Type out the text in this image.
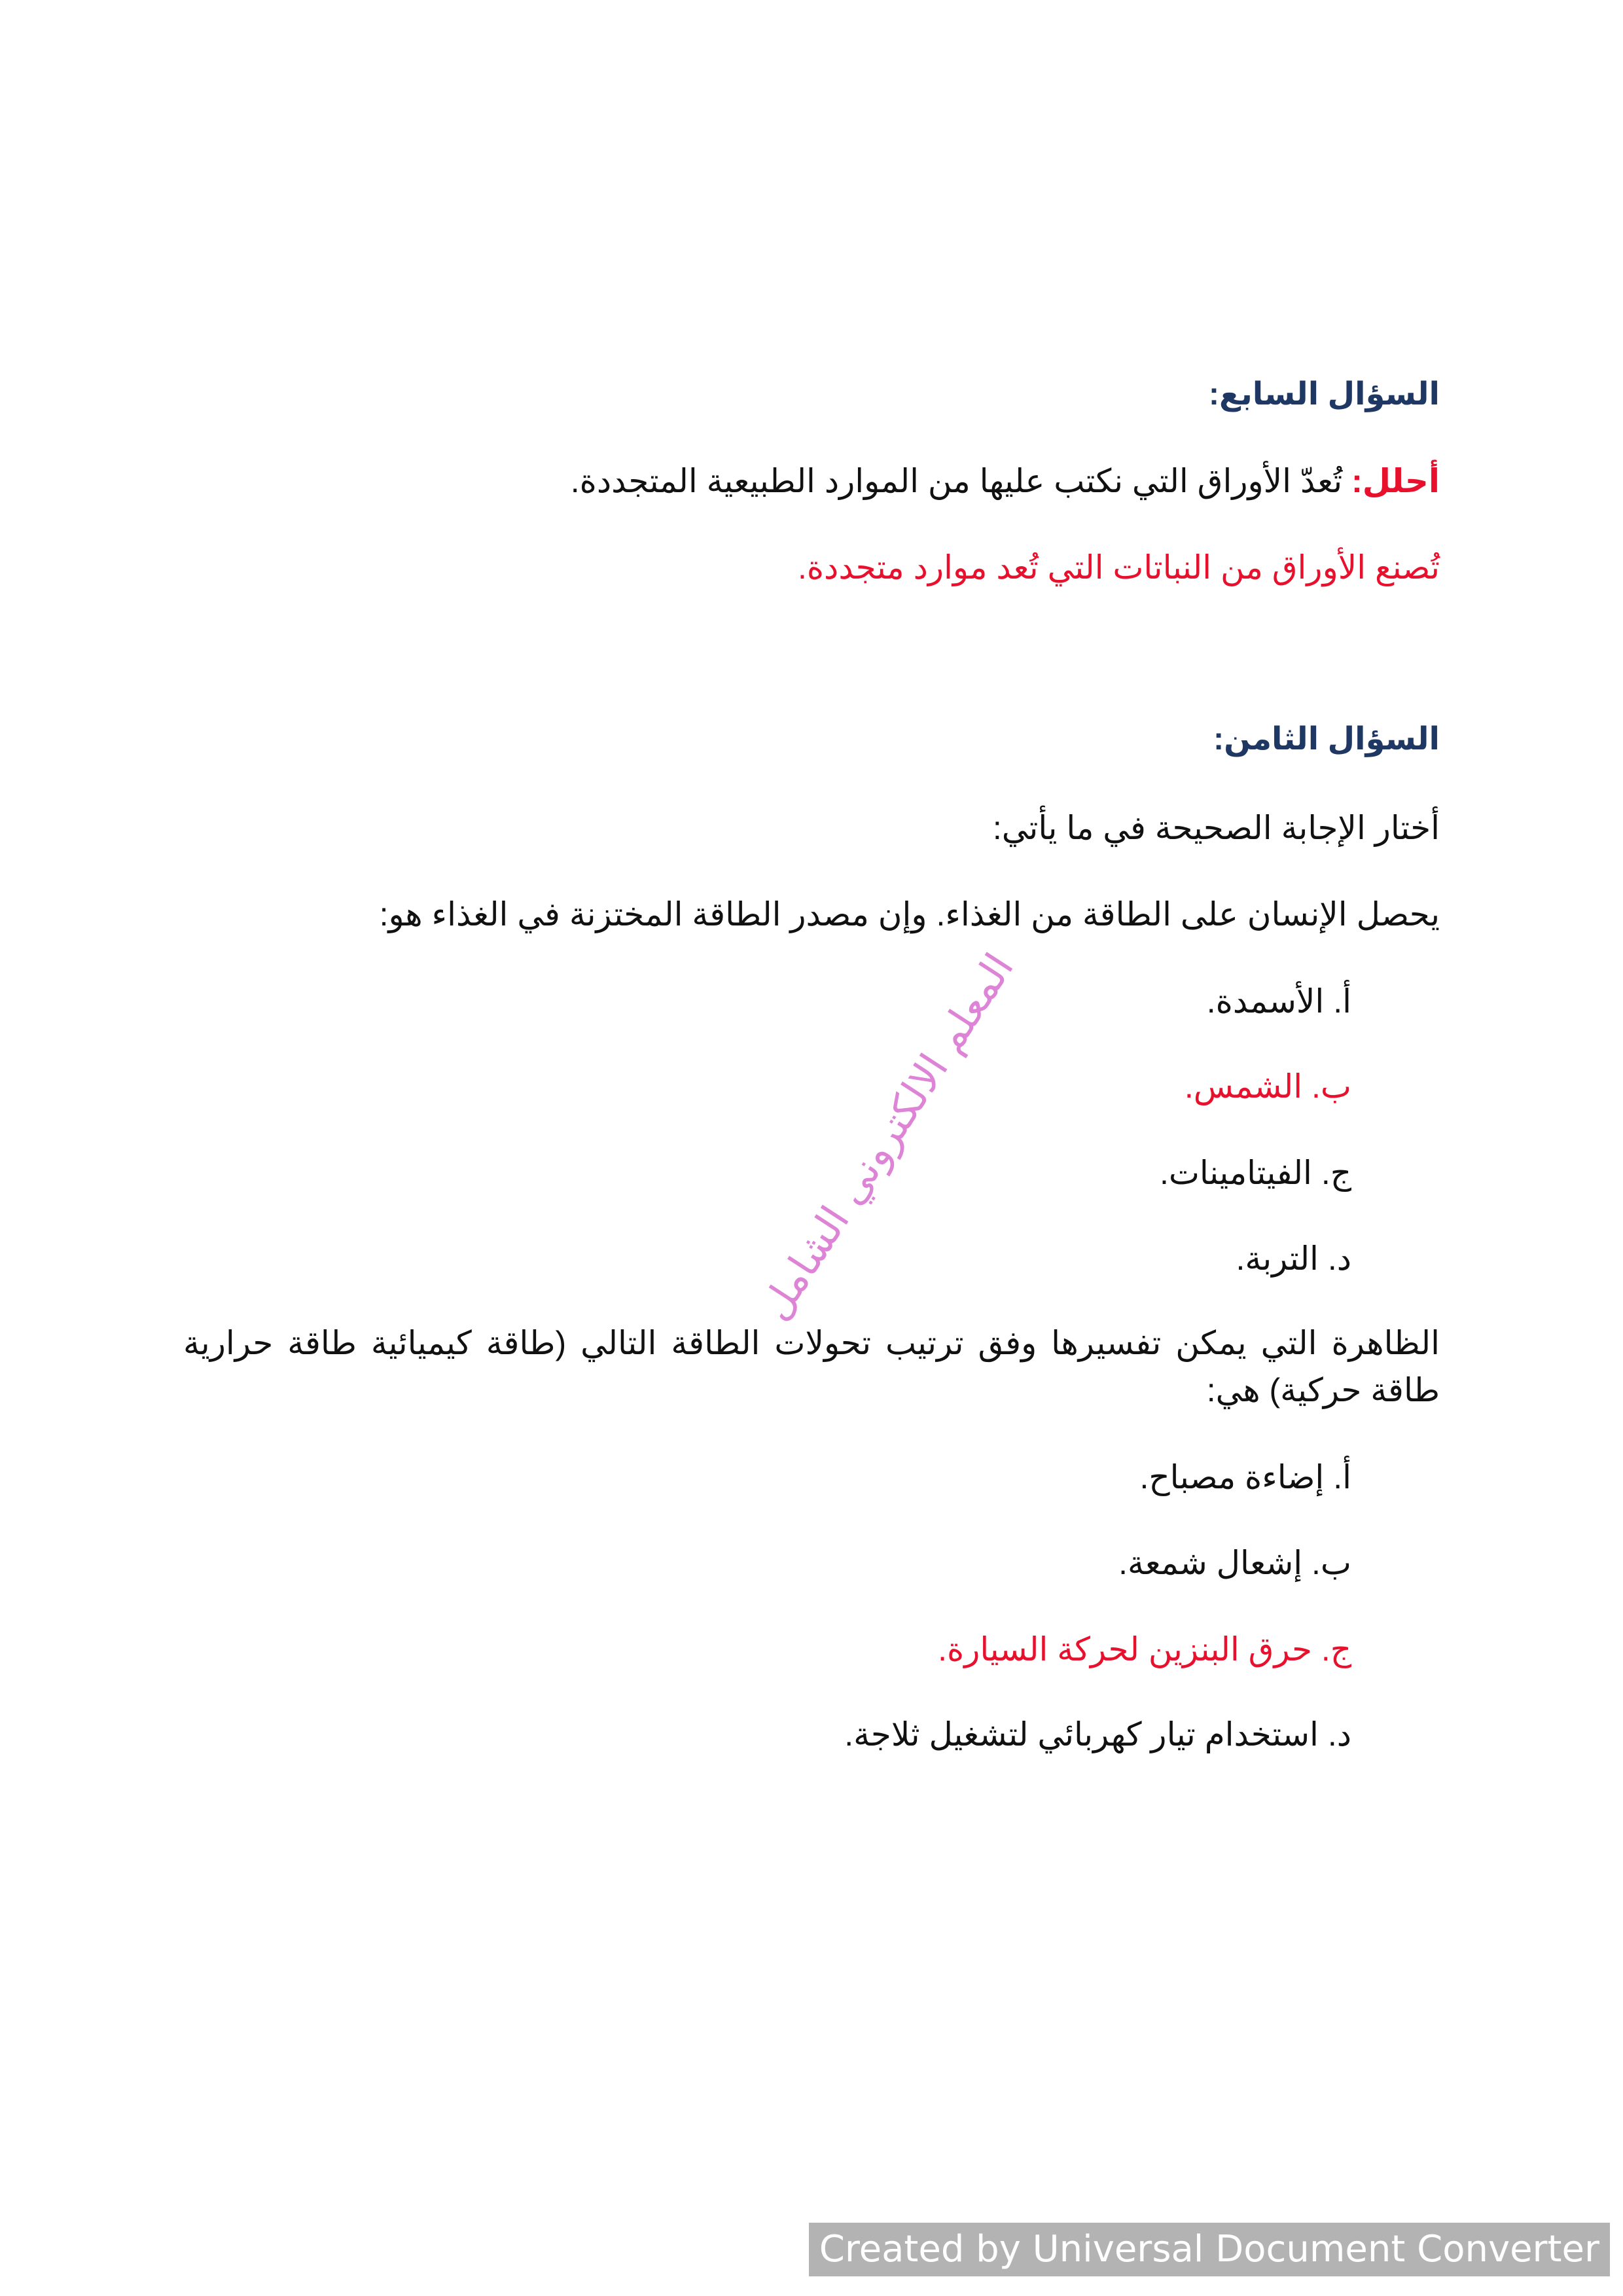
السؤال السابع:
أحلل: تُعدّ الأوراق التي نكتب عليها من الموارد الطبيعية المتجددة.
تُصنع الأوراق من النباتات التي تُعد موارد متجددة.
السؤال الثامن:
أختار الإجابة الصحيحة في ما يأتي:
يحصل الإنسان على الطاقة من الغذاء. وإن مصدر الطاقة المختزنة في الغذاء هو:
أ. الأسمدة.
ب. الشمس.
ج. الفيتامينات.
د. التربة.
الظاهرة التي يمكن تفسيرها وفق ترتيب تحولات الطاقة التالي (طاقة كيميائية طاقة حرارية طاقة حركية) هي:
أ. إضاءة مصباح.
ب. إشعال شمعة.
ج. حرق البنزين لحركة السيارة.
د. استخدام تيار كهربائي لتشغيل ثلاجة.
المعلم الالكتروني الشامل
Created by Universal Document Converter
